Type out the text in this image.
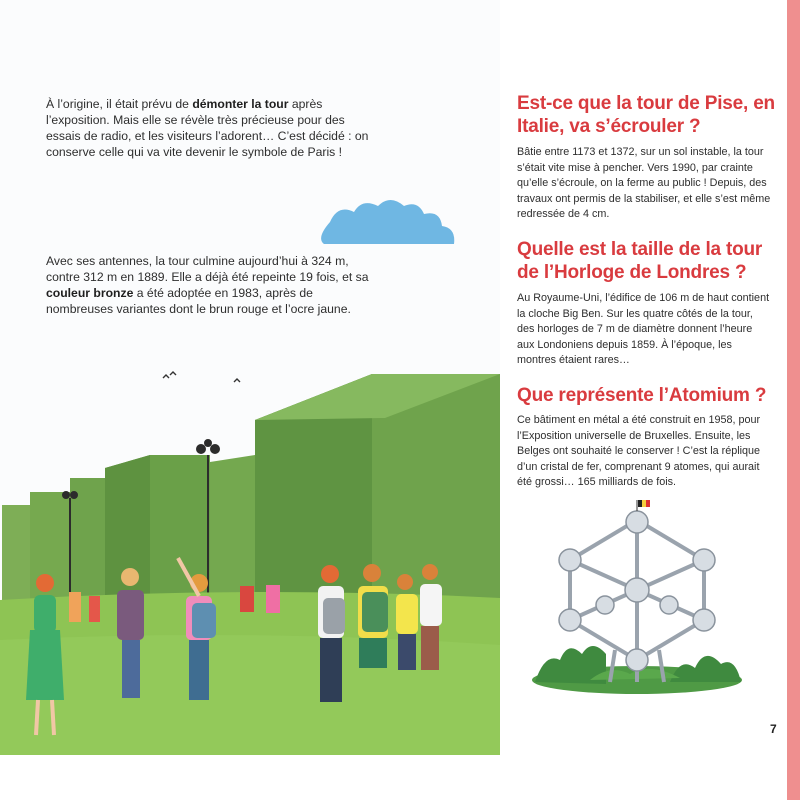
À l’origine, il était prévu de démonter la tour après l’exposition. Mais elle se révèle très précieuse pour des essais de radio, et les visiteurs l’adorent… C’est décidé : on conserve celle qui va vite devenir le symbole de Paris !

Avec ses antennes, la tour culmine aujourd’hui à 324 m, contre 312 m en 1889. Elle a déjà été repeinte 19 fois, et sa couleur bronze a été adoptée en 1983, après de nombreuses variantes dont le brun rouge et l’ocre jaune.

Est-ce que la tour de Pise, en Italie, va s’écrouler ?

Bâtie entre 1173 et 1372, sur un sol instable, la tour s’était vite mise à pencher. Vers 1990, par crainte qu’elle s’écroule, on la ferme au public ! Depuis, des travaux ont permis de la stabiliser, et elle s’est même redressée de 4 cm.

Quelle est la taille de la tour de l’Horloge de Londres ?

Au Royaume-Uni, l’édifice de 106 m de haut contient la cloche Big Ben. Sur les quatre côtés de la tour, des horloges de 7 m de diamètre donnent l’heure aux Londoniens depuis 1859. À l’époque, les montres étaient rares…

Que représente l’Atomium ?

Ce bâtiment en métal a été construit en 1958, pour l’Exposition universelle de Bruxelles. Ensuite, les Belges ont souhaité le conserver ! C’est la réplique d’un cristal de fer, comprenant 9 atomes, qui aurait été grossi… 165 milliards de fois.

7
